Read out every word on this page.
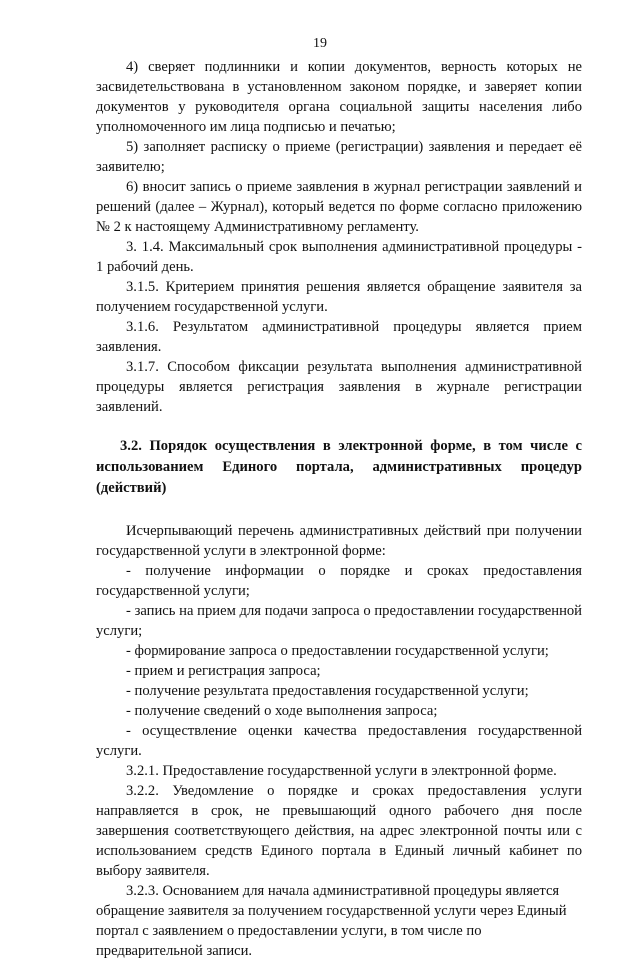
19

4) сверяет подлинники и копии документов, верность которых не засвидетельствована в установленном законом порядке, и заверяет копии документов у руководителя органа социальной защиты населения либо уполномоченного им лица подписью и печатью;

5) заполняет расписку о приеме (регистрации) заявления и передает её заявителю;

6) вносит запись о приеме заявления в журнал регистрации заявлений и решений (далее – Журнал), который ведется по форме согласно приложению № 2 к настоящему Административному регламенту.

3. 1.4. Максимальный срок выполнения административной процедуры - 1 рабочий день.

3.1.5. Критерием принятия решения является обращение заявителя за получением государственной услуги.

3.1.6. Результатом административной процедуры является прием заявления.

3.1.7. Способом фиксации результата выполнения административной процедуры является регистрация заявления в журнале регистрации заявлений.

3.2. Порядок осуществления в электронной форме, в том числе с использованием Единого портала, административных процедур (действий)

Исчерпывающий перечень административных действий при получении государственной услуги в электронной форме:

- получение информации о порядке и сроках предоставления государственной услуги;

- запись на прием для подачи запроса о предоставлении государственной услуги;

- формирование запроса о предоставлении государственной услуги;

- прием и регистрация запроса;

- получение результата предоставления государственной услуги;

- получение сведений о ходе выполнения запроса;

- осуществление оценки качества предоставления государственной услуги.

3.2.1. Предоставление государственной услуги в электронной форме.

3.2.2. Уведомление о порядке и сроках предоставления услуги направляется в срок, не превышающий одного рабочего дня после завершения соответствующего действия, на адрес электронной почты или с использованием средств Единого портала в Единый личный кабинет по выбору заявителя.

3.2.3. Основанием для начала административной процедуры является обращение заявителя за получением государственной услуги через Единый портал с заявлением о предоставлении услуги, в том числе по предварительной записи.
